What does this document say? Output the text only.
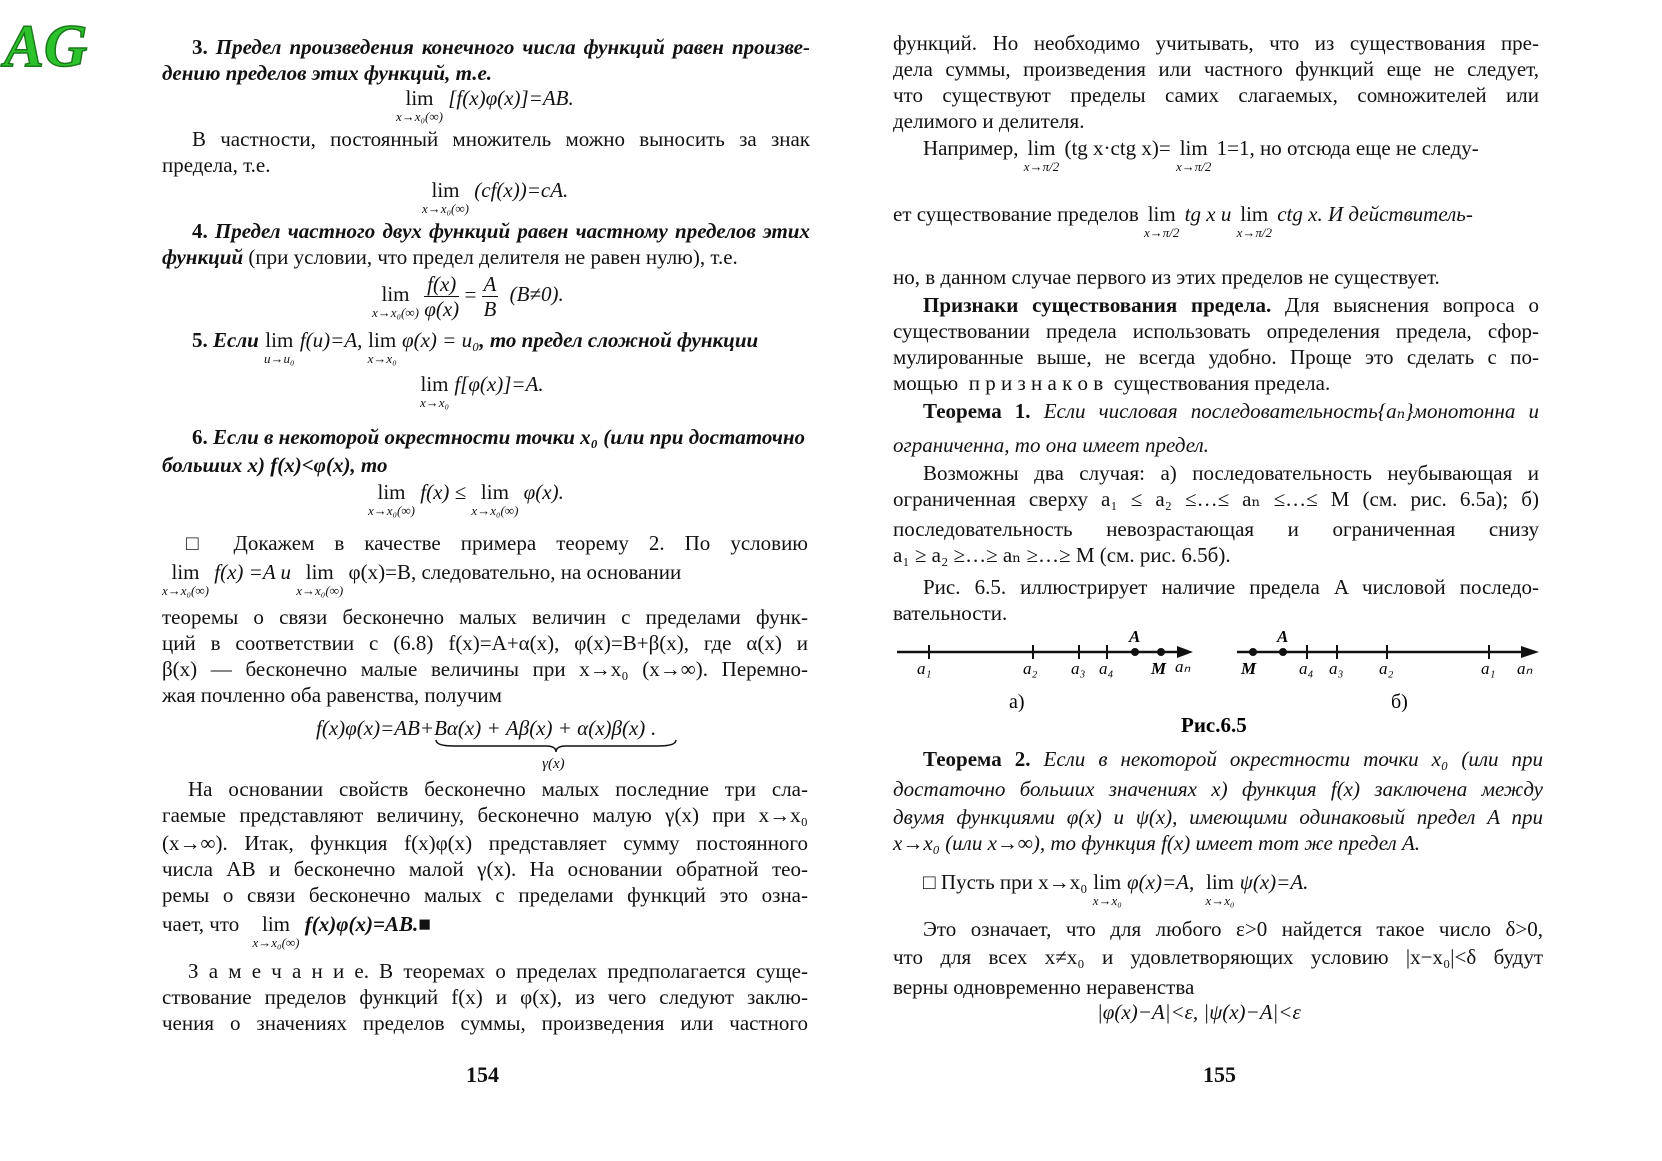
AG	3. Предел произведения конечного числа функций равен произве-

дению пределов этих функций, т.е.

lim
x→x₀(∞)
[f(x)φ(x)]=AB.

В частности, постоянный множитель можно выносить за знак

предела, т.е.

lim
x→x₀(∞)
(cf(x))=cA.

4. Предел частного двух функций равен частному пределов этих

функций (при условии, что предел делителя не равен нулю), т.е.

lim
x→x₀(∞)
$\frac{f(x)}{\varphi(x)} = \frac{A}{B} (B\ne 0)$.
5. Если lim
u→u₀
f(u)=A, lim
x→x₀
φ(x) = u₀, то предел сложной функции
lim
x→x₀
f[φ(x)]=A.

6. Если в некоторой окрестности точки x₀ (или при достаточно

больших x) f(x)<φ(x), то

lim
x→x₀(∞)
f(x) ≤ lim
x→x₀(∞)
φ(x).

□ Докажем в качестве примера теорему 2. По условию

lim
x→x₀(∞)
f(x) =A и lim
x→x₀(∞)
φ(x)=B, следовательно, на основании

теоремы о связи бесконечно малых величин с пределами функ-

ций в соответствии с (6.8) f(x)=A+α(x), φ(x)=B+β(x), где α(x) и

β(x) — бесконечно малые величины при x→x₀ (x→∞). Перемно-

жая почленно оба равенства, получим

f(x)φ(x)=AB+Bα(x) + Aβ(x) + α(x)β(x)
γ(x)
.

На основании свойств бесконечно малых последние три сла-

гаемые представляют величину, бесконечно малую γ(x) при x→x₀

(x→∞). Итак, функция f(x)φ(x) представляет сумму постоянного

числа AB и бесконечно малой γ(x). На основании обратной тео-

ремы о связи бесконечно малых с пределами функций это озна-

чает, что lim
x→x₀(∞)
f(x)φ(x)=AB.■

З а м е ч а н и е. В теоремах о пределах предполагается суще-

ствование пределов функций f(x) и φ(x), из чего следуют заклю-

чения о значениях пределов суммы, произведения или частного

154

функций. Но необходимо учитывать, что из существования пре-

дела суммы, произведения или частного функций еще не следует,

что существуют пределы самих слагаемых, сомножителей или

делимого и делителя.

Например, lim
x→π/2
(tg x·ctg x)= lim
x→π/2
1=1, но отсюда еще не следу-
ет существование пределов lim
x→π/2
tg x и lim
x→π/2
ctg x. И действитель-

но, в данном случае первого из этих пределов не существует.

Признаки существования предела. Для выяснения вопроса о

существовании предела использовать определения предела, сфор-

мулированные выше, не всегда удобно. Проще это сделать с по-

мощью п р и з н а к о в существования предела.

Теорема 1. Если числовая последовательность{aₙ}монотонна и

ограниченна, то она имеет предел.

Возможны два случая: а) последовательность неубывающая и

ограниченная сверху a₁ ≤ a₂ ≤…≤ aₙ ≤…≤ M (см. рис. 6.5а); б)

последовательность невозрастающая и ограниченная снизу

a₁ ≥ a₂ ≥…≥ aₙ ≥…≥ M (см. рис. 6.5б).

Рис. 6.5. иллюстрирует наличие предела A числовой последо-

вательности.

a₁	a₂ a₃ a₄ M aₙ
A
а)
M	a₄ a₃ a₂	a₁ aₙ
A
б)
Рис.6.5

Теорема 2. Если в некоторой окрестности точки x₀ (или при

достаточно больших значениях x) функция f(x) заключена между

двумя функциями φ(x) и ψ(x), имеющими одинаковый предел A при

x→x₀ (или x→∞), то функция f(x) имеет тот же предел A.

□ Пусть при x→x₀ lim
x→x₀
φ(x)=A, lim
x→x₀
ψ(x)=A.

Это означает, что для любого ε>0 найдется такое число δ>0,

что для всех x≠x₀ и удовлетворяющих условию |x−x₀|<δ будут

верны одновременно неравенства

|φ(x)−A|<ε, |ψ(x)−A|<ε
155
